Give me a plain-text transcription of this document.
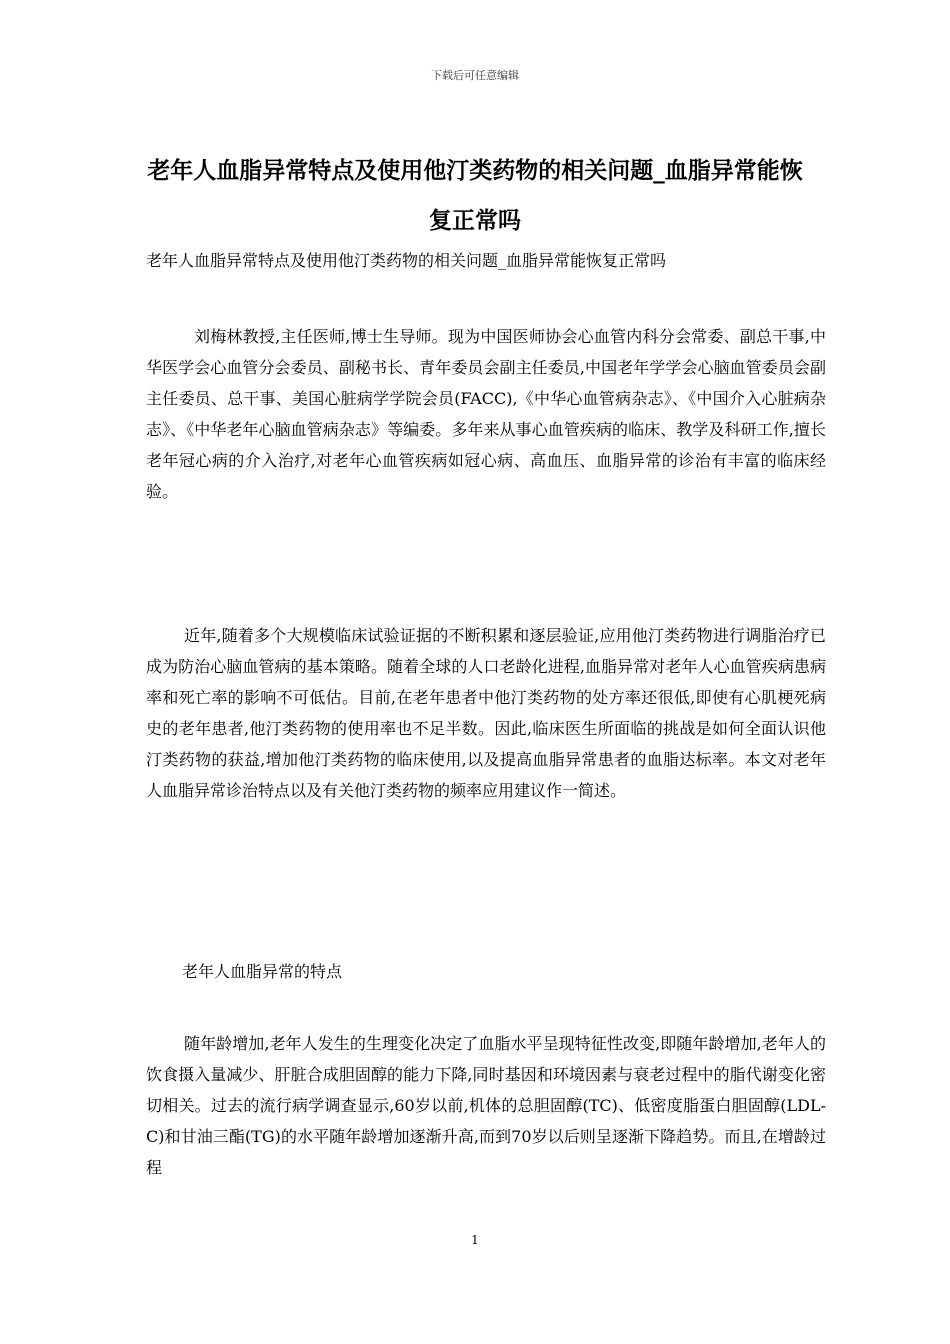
下载后可任意编辑
老年人血脂异常特点及使用他汀类药物的相关问题_血脂异常能恢复正常吗
老年人血脂异常特点及使用他汀类药物的相关问题_血脂异常能恢复正常吗

刘梅林教授,主任医师,博士生导师。现为中国医师协会心血管内科分会常委、副总干事,中华医学会心血管分会委员、副秘书长、青年委员会副主任委员,中国老年学学会心脑血管委员会副主任委员、总干事、美国心脏病学学院会员(FACC),《中华心血管病杂志》、《中国介入心脏病杂志》、《中华老年心脑血管病杂志》等编委。多年来从事心血管疾病的临床、教学及科研工作,擅长老年冠心病的介入治疗,对老年心血管疾病如冠心病、高血压、血脂异常的诊治有丰富的临床经验。

近年,随着多个大规模临床试验证据的不断积累和逐层验证,应用他汀类药物进行调脂治疗已成为防治心脑血管病的基本策略。随着全球的人口老龄化进程,血脂异常对老年人心血管疾病患病率和死亡率的影响不可低估。目前,在老年患者中他汀类药物的处方率还很低,即使有心肌梗死病史的老年患者,他汀类药物的使用率也不足半数。因此,临床医生所面临的挑战是如何全面认识他汀类药物的获益,增加他汀类药物的临床使用,以及提高血脂异常患者的血脂达标率。本文对老年人血脂异常诊治特点以及有关他汀类药物的频率应用建议作一简述。

老年人血脂异常的特点

随年龄增加,老年人发生的生理变化决定了血脂水平呈现特征性改变,即随年龄增加,老年人的饮食摄入量减少、肝脏合成胆固醇的能力下降,同时基因和环境因素与衰老过程中的脂代谢变化密切相关。过去的流行病学调查显示,60岁以前,机体的总胆固醇(TC)、低密度脂蛋白胆固醇(LDL-C)和甘油三酯(TG)的水平随年龄增加逐渐升高,而到70岁以后则呈逐渐下降趋势。而且,在增龄过程

1
